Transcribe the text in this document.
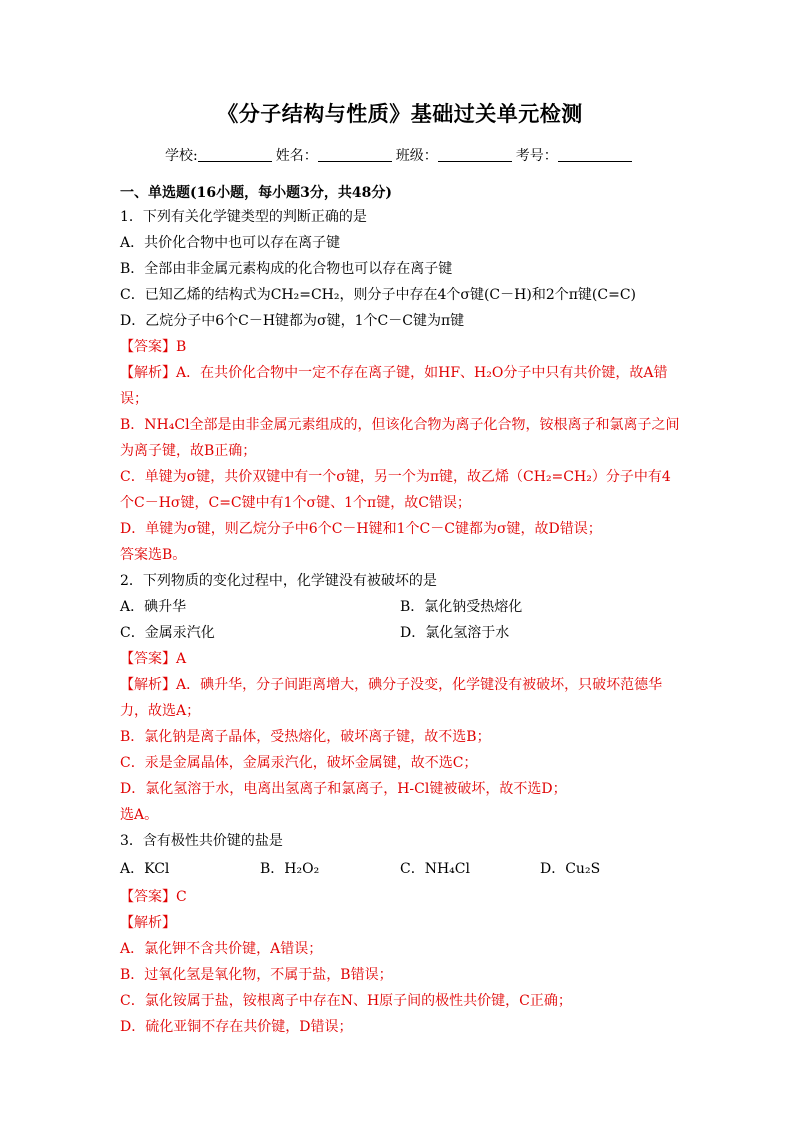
《分子结构与性质》基础过关单元检测
学校:	姓名：	班级：	考号：
一、单选题(16小题，每小题3分，共48分)
1．下列有关化学键类型的判断正确的是
A．共价化合物中也可以存在离子键
B．全部由非金属元素构成的化合物也可以存在离子键
C．已知乙烯的结构式为CH₂=CH₂，则分子中存在4个σ键(C－H)和2个π键(C=C)
D．乙烷分子中6个C－H键都为σ键，1个C－C键为π键
【答案】B
【解析】A．在共价化合物中一定不存在离子键，如HF、H₂O分子中只有共价键，故A错
误；
B．NH₄Cl全部是由非金属元素组成的，但该化合物为离子化合物，铵根离子和氯离子之间
为离子键，故B正确；
C．单键为σ键，共价双键中有一个σ键，另一个为π键，故乙烯（CH₂=CH₂）分子中有4
个C－Hσ键，C=C键中有1个σ键、1个π键，故C错误；
D．单键为σ键，则乙烷分子中6个C－H键和1个C－C键都为σ键，故D错误；
答案选B。
2．下列物质的变化过程中，化学键没有被破坏的是
A．碘升华	B．氯化钠受热熔化
C．金属汞汽化	D．氯化氢溶于水
【答案】A
【解析】A．碘升华，分子间距离增大，碘分子没变，化学键没有被破坏，只破坏范德华
力，故选A；
B．氯化钠是离子晶体，受热熔化，破坏离子键，故不选B；
C．汞是金属晶体，金属汞汽化，破坏金属键，故不选C；
D．氯化氢溶于水，电离出氢离子和氯离子，H-Cl键被破坏，故不选D；
选A。
3．含有极性共价键的盐是
A．KCl	B．H₂O₂	C．NH₄Cl	D．Cu₂S
【答案】C
【解析】
A．氯化钾不含共价键，A错误；
B．过氧化氢是氧化物，不属于盐，B错误；
C．氯化铵属于盐，铵根离子中存在N、H原子间的极性共价键，C正确；
D．硫化亚铜不存在共价键，D错误；
